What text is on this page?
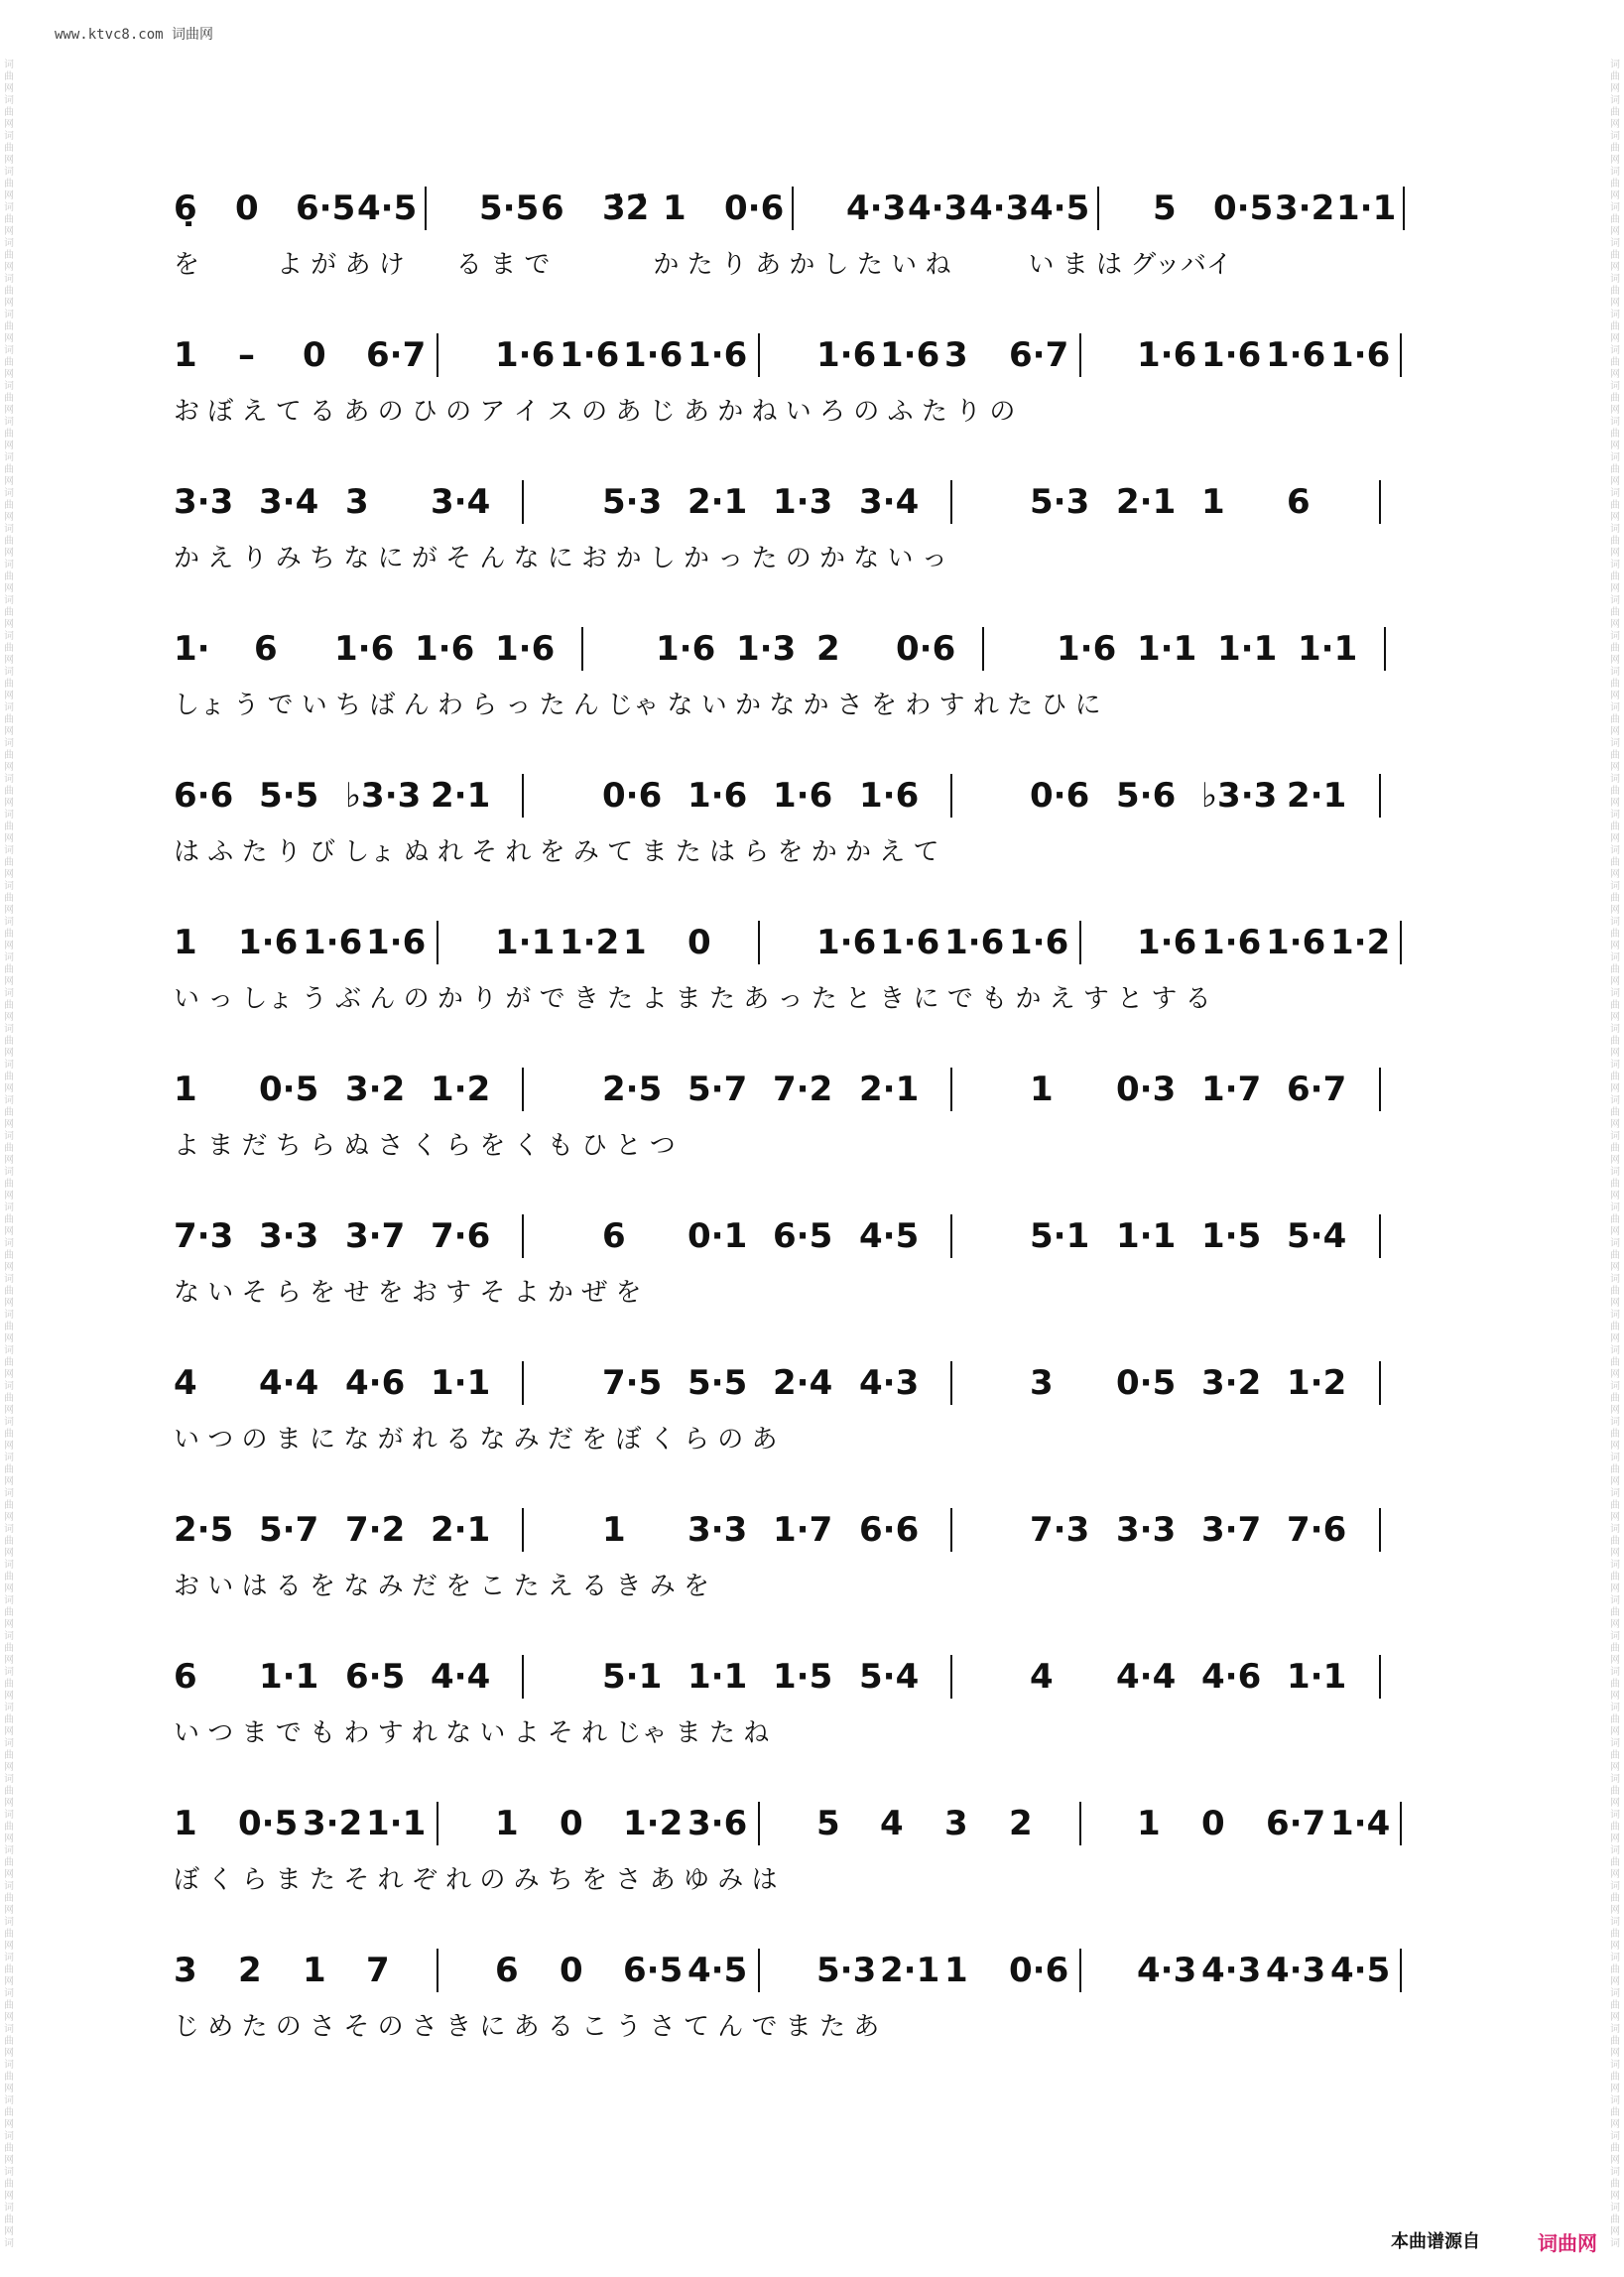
www.ktvc8.com 词曲网
词
曲
网
词
曲
网
词
曲
网
词
曲
网
词
曲
网
词
曲
网
词
曲
网
词
曲
网
词
曲
网
词
曲
网
词
曲
网
词
曲
网
词
曲
网
词
曲
网
词
曲
网
词
曲
网
词
曲
网
词
曲
网
词
曲
网
词
曲
网
词
曲
网
词
曲
网
词
曲
网
词
曲
网
词
曲
网
词
曲
网
词
曲
网
词
曲
网
词
曲
网
词
曲
网
词
曲
网
词
曲
网
词
曲
网
词
曲
网
词
曲
网
词
曲
网
词
曲
网
词
曲
网
词
曲
网
词
曲
网
词
曲
网
词
曲
网
词
曲
网
词
曲
网
词
曲
网
词
曲
网
词
曲
网
词
曲
网
词
曲
网
词
曲
网
词
曲
网
词
曲
网
词
曲
网
词
曲
网
词
曲
网
词
曲
网
词
曲
网
词
曲
网
词
曲
网
词
曲
网
词
曲
网
词
词
曲
网
词
曲
网
词
曲
网
词
曲
网
词
曲
网
词
曲
网
词
曲
网
词
曲
网
词
曲
网
词
曲
网
词
曲
网
词
曲
网
词
曲
网
词
曲
网
词
曲
网
词
曲
网
词
曲
网
词
曲
网
词
曲
网
词
曲
网
词
曲
网
词
曲
网
词
曲
网
词
曲
网
词
曲
网
词
曲
网
词
曲
网
词
曲
网
词
曲
网
词
曲
网
词
曲
网
词
曲
网
词
曲
网
词
曲
网
词
曲
网
词
曲
网
词
曲
网
词
曲
网
词
曲
网
词
曲
网
词
曲
网
词
曲
网
词
曲
网
词
曲
网
词
曲
网
词
曲
网
词
曲
网
词
曲
网
词
曲
网
词
曲
网
词
曲
网
词
曲
网
词
曲
网
词
曲
网
词
曲
网
词
曲
网
词
曲
网
词
曲
网
词
曲
网
词
曲
网
词
曲
网
词
6̣ 0 6·5 4·5 5·5 6 3̇2̇ 1 0·6 4·3 4·3 4·3 4·5 5 0·5 3·2 1·1
を　　　よ が あ け　　る ま で　　　　か た り あ か し た い ね　　　い ま は グッバイ
1 – 0 6·7 1·6 1·6 1·6 1·6 1·6 1·6 3 6·7 1·6 1·6 1·6 1·6
お ぼ え て る あ の ひ の ア イ ス の あ じ あ か ね い ろ の ふ た り の
3·3 3·4 3 3·4	5·3 2·1 1·3 3·4	5·3 2·1 1 6
か え り み ち な に が そ ん な に お か し か っ た の か な い っ
1· 6 1·6 1·6 1·6	1·6 1·3 2 0·6	1·6 1·1 1·1 1·1
しょ う で い ち ば ん わ ら っ た ん じゃ な い か な か さ を わ す れ た ひ に
6·6 5·5 ♭3·3 2·1	0·6 1·6 1·6 1·6	0·6 5·6 ♭3·3 2·1
は ふ た り び しょ ぬ れ そ れ を み て ま た は ら を か か え て
1 1·6 1·6 1·6 1·1 1·2 1 0	1·6 1·6 1·6 1·6 1·6 1·6 1·6 1·2
い っ しょ う ぶ ん の か り が で き た よ ま た あ っ た と き に で も か え す と す る
1 0·5 3·2 1·2	2·5 5·7 7·2 2·1	1 0·3 1·7 6·7
よ ま だ ち ら ぬ さ く ら を く も ひ と つ
7·3 3·3 3·7 7·6	6 0·1 6·5 4·5	5·1 1·1 1·5 5·4
な い そ ら を せ を お す そ よ か ぜ を
4 4·4 4·6 1·1	7·5 5·5 2·4 4·3	3 0·5 3·2 1·2
い つ の ま に な が れ る な み だ を ぼ く ら の あ
2·5 5·7 7·2 2·1	1 3·3 1·7 6·6	7·3 3·3 3·7 7·6
お い は る を な み だ を こ た え る き み を
6 1·1 6·5 4·4	5·1 1·1 1·5 5·4	4 4·4 4·6 1·1
い つ ま で も わ す れ な い よ そ れ じゃ ま た ね
1 0·5 3·2 1·1 1 0 1·2 3·6 5 4 3 2	1 0 6·7 1·4
ぼ く ら ま た そ れ ぞ れ の み ち を さ あ ゆ み は
3 2 1 7	6 0 6·5 4·5 5·3 2·1 1 0·6 4·3 4·3 4·3 4·5
じ め た の さ そ の さ き に あ る こ う さ て ん で ま た あ
本曲谱源自	词曲网
